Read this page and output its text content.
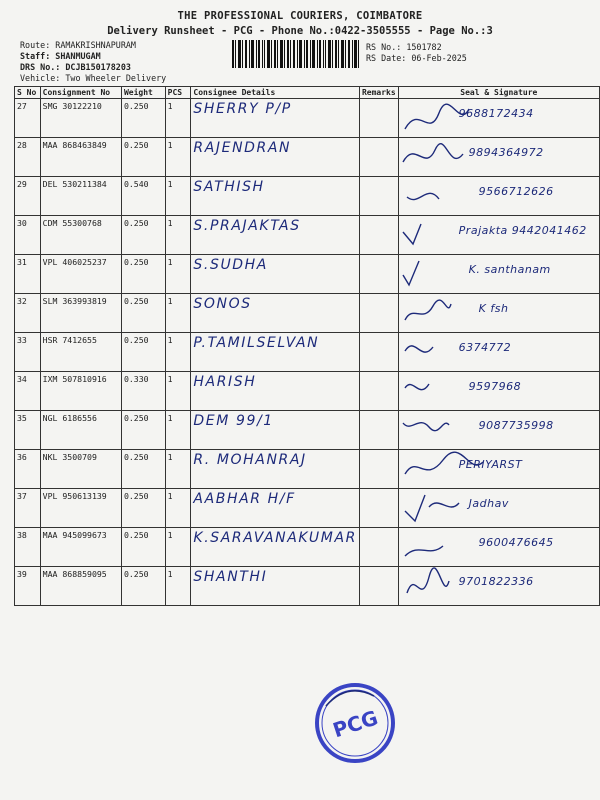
THE PROFESSIONAL COURIERS, COIMBATORE
Delivery Runsheet - PCG - Phone No.:0422-3505555 - Page No.:3
Route: RAMAKRISHNAPURAM
Staff: SHANMUGAM
DRS No.: DCJB150178203
Vehicle: Two Wheeler Delivery
RS No.: 1501782
RS Date: 06-Feb-2025
S No	Consignment No	Weight	PCS	Consignee Details	Remarks	Seal & Signature
27	SMG 30122210	0.250	1	SHERRY P/P		9688172434

28	MAA 868463849	0.250	1	RAJENDRAN		9894364972

29	DEL 530211384	0.540	1	SATHISH		9566712626

30	CDM 55300768	0.250	1	S.PRAJAKTAS		Prajakta 9442041462

31	VPL 406025237	0.250	1	S.SUDHA		K. santhanam

32	SLM 363993819	0.250	1	SONOS		K fsh

33	HSR 7412655	0.250	1	P.TAMILSELVAN		6374772

34	IXM 507810916	0.330	1	HARISH		9597968

35	NGL 6186556	0.250	1	DEM 99/1		9087735998

36	NKL 3500709	0.250	1	R. MOHANRAJ		PERIYARST

37	VPL 950613139	0.250	1	AABHAR H/F		Jadhav

38	MAA 945099673	0.250	1	K.SARAVANAKUMAR		9600476645

39	MAA 868859095	0.250	1	SHANTHI		9701822336
PCG
